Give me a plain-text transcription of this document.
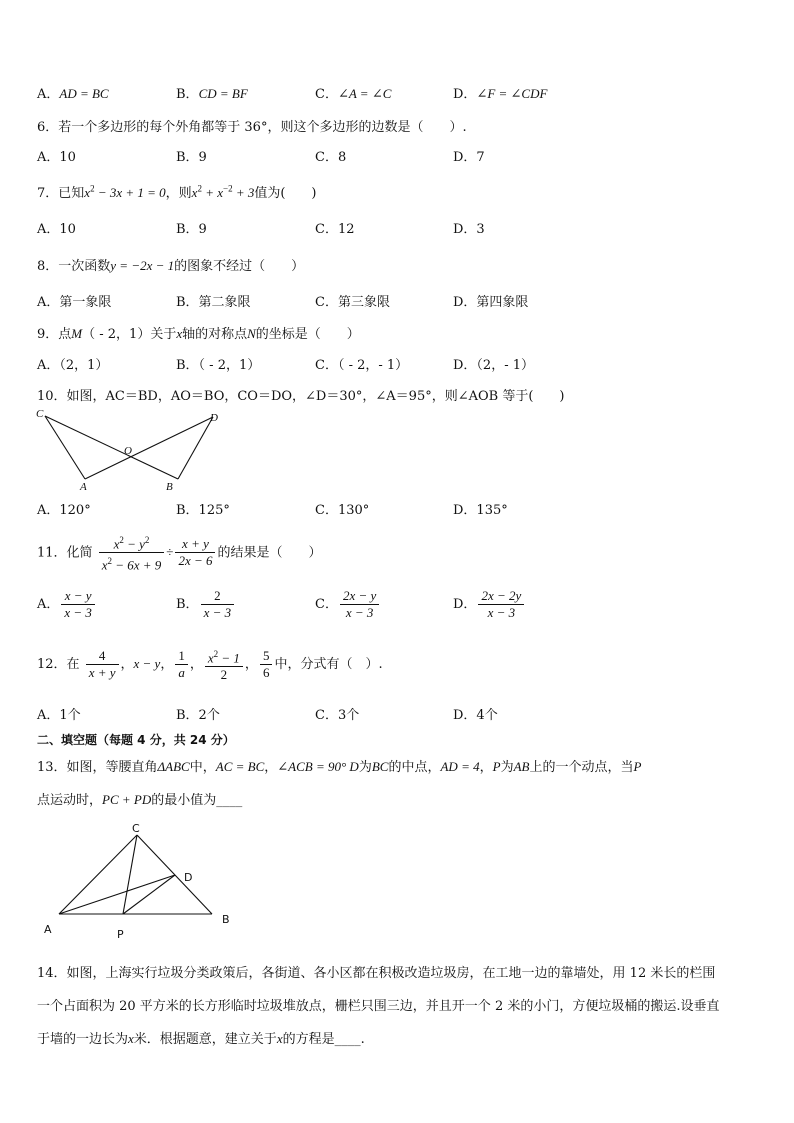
A．AD = BC	B．CD = BF	C．∠A = ∠C	D．∠F = ∠CDF
6．若一个多边形的每个外角都等于 36°，则这个多边形的边数是（　　）.
A．10	B．9	C．8	D．7
7．已知$x^2 - 3x + 1 = 0$，则$x^2 + x^{-2} + 3$值为(　　)
A．10	B．9	C．12	D．3
8．一次函数y = −2x − 1的图象不经过（　　）
A．第一象限	B．第二象限	C．第三象限	D．第四象限
9．点M（ - 2，1）关于x轴的对称点N的坐标是（　　）
A．（2，1）	B．（ - 2，1）	C．（ - 2，- 1）	D．（2，- 1）
10．如图，AC＝BD，AO＝BO，CO＝DO，∠D＝30°，∠A＝95°，则∠AOB 等于(　　)
C	D
O
A	B
A．120°	B．125°	C．130°	D．135°
11．化简 $\frac{x^2 - y^2}{x^2 - 6x + 9} \div \frac{x + y}{2x - 6}$ 的结果是（　　）
A． $\frac{x - y}{x - 3}$	B． $\frac{2}{x - 3}$	C． $\frac{2x - y}{x - 3}$	D． $\frac{2x - 2y}{x - 3}$
12．在 $\frac{4}{x + y}$ ，x − y， $\frac{1}{a}$ ， $\frac{x^2 - 1}{2}$ ， $\frac{5}{6}$ 中，分式有（　）.
A．1个	B．2个	C．3个	D．4个
二、填空题（每题 4 分，共 24 分）
13．如图，等腰直角ΔABC中，AC = BC，∠ACB = 90° D为BC的中点，AD = 4，P为AB上的一个动点，当P
点运动时，PC + PD的最小值为____
C
D
A	P
B
14．如图，上海实行垃圾分类政策后，各街道、各小区都在积极改造垃圾房，在工地一边的靠墙处，用 12 米长的栏围
一个占面积为 20 平方米的长方形临时垃圾堆放点，栅栏只围三边，并且开一个 2 米的小门，方便垃圾桶的搬运.设垂直
于墙的一边长为x米．根据题意，建立关于x的方程是____.
